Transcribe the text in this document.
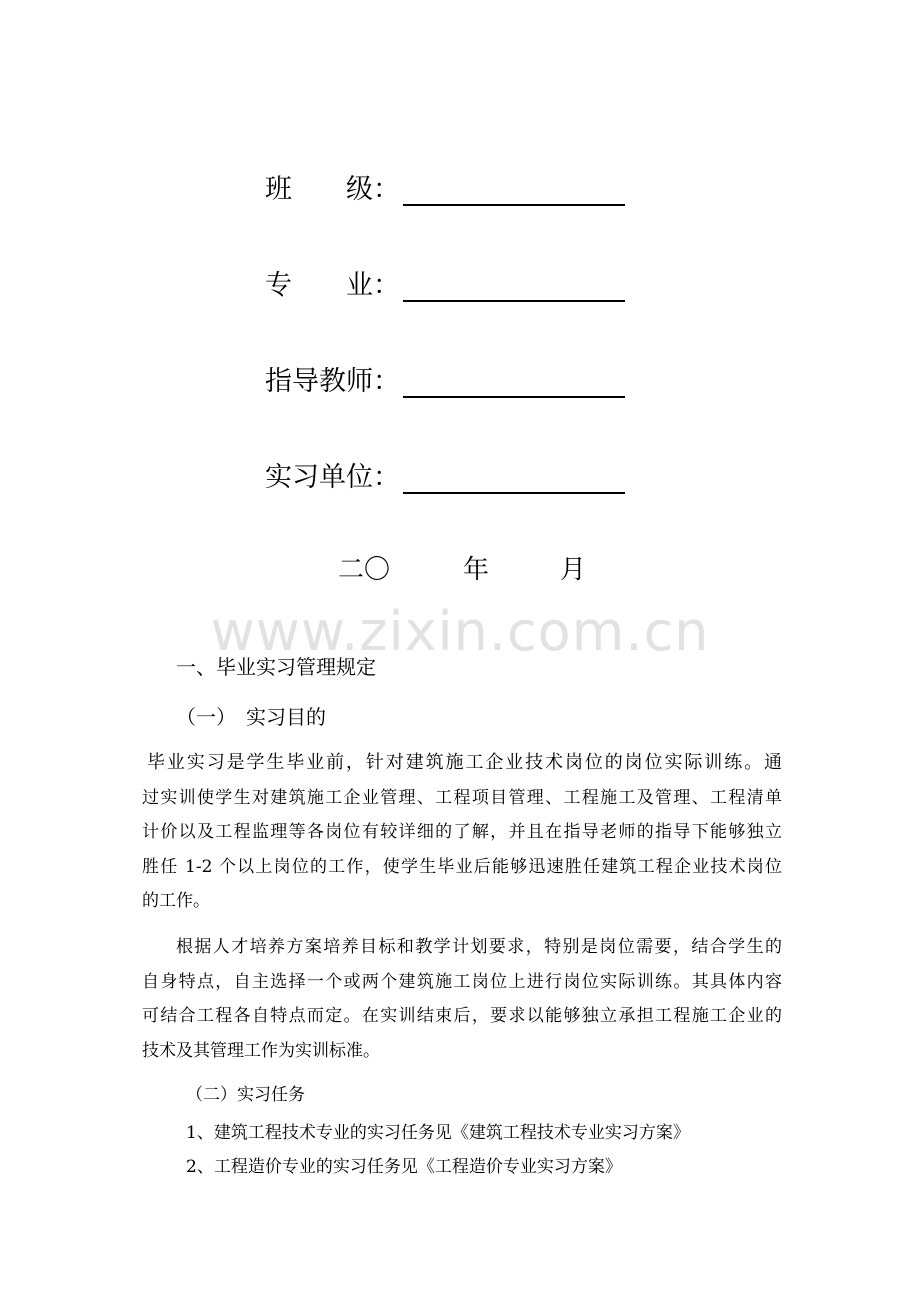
班　　级：
专　　业：
指导教师：
实习单位：
二〇	年	月
www.zixin.com.cn
一、毕业实习管理规定
（一）　实习目的
毕业实习是学生毕业前，针对建筑施工企业技术岗位的岗位实际训练。通
过实训使学生对建筑施工企业管理、工程项目管理、工程施工及管理、工程清单
计价以及工程监理等各岗位有较详细的了解，并且在指导老师的指导下能够独立
胜任 1-2 个以上岗位的工作，使学生毕业后能够迅速胜任建筑工程企业技术岗位
的工作。
根据人才培养方案培养目标和教学计划要求，特别是岗位需要，结合学生的
自身特点，自主选择一个或两个建筑施工岗位上进行岗位实际训练。其具体内容
可结合工程各自特点而定。在实训结束后，要求以能够独立承担工程施工企业的
技术及其管理工作为实训标准。
（二）实习任务
1、建筑工程技术专业的实习任务见《建筑工程技术专业实习方案》
2、工程造价专业的实习任务见《工程造价专业实习方案》
